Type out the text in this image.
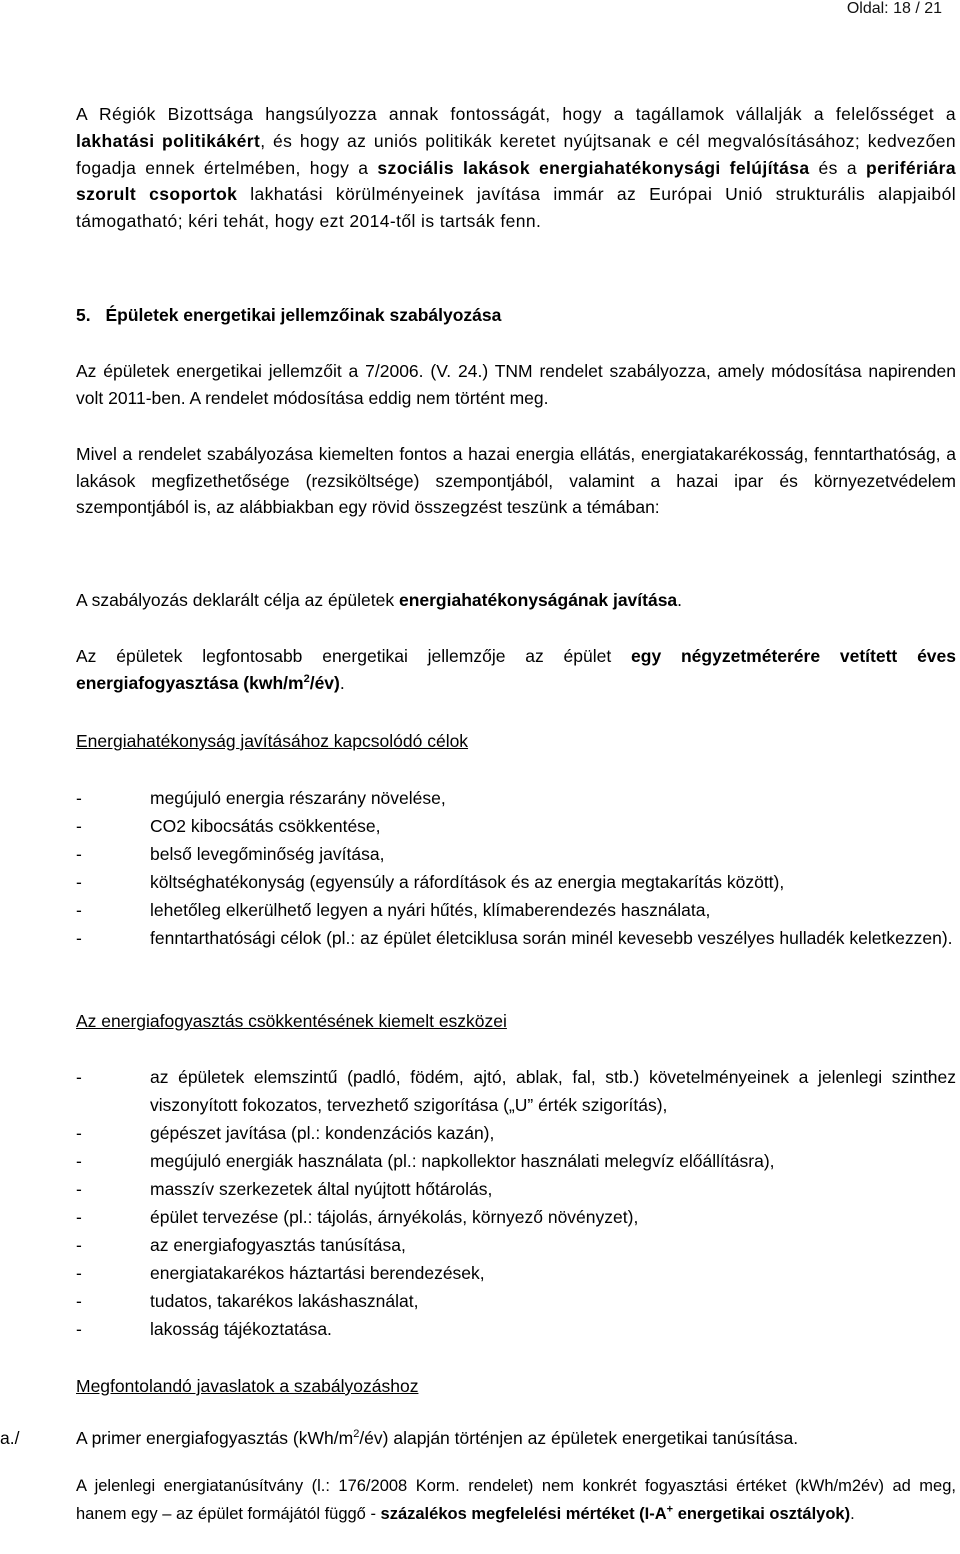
Oldal: 18 / 21

A Régiók Bizottsága hangsúlyozza annak fontosságát, hogy a tagállamok vállalják a felelősséget a lakhatási politikákért, és hogy az uniós politikák keretet nyújtsanak e cél megvalósításához; kedvezően fogadja ennek értelmében, hogy a szociális lakások energiahatékonysági felújítása és a perifériára szorult csoportok lakhatási körülményeinek javítása immár az Európai Unió strukturális alapjaiból támogatható; kéri tehát, hogy ezt 2014-től is tartsák fenn.

5. Épületek energetikai jellemzőinak szabályozása

Az épületek energetikai jellemzőit a 7/2006. (V. 24.) TNM rendelet szabályozza, amely módosítása napirenden volt 2011-ben. A rendelet módosítása eddig nem történt meg.

Mivel a rendelet szabályozása kiemelten fontos a hazai energia ellátás, energiatakarékosság, fenntarthatóság, a lakások megfizethetősége (rezsiköltsége) szempontjából, valamint a hazai ipar és környezetvédelem szempontjából is, az alábbiakban egy rövid összegzést teszünk a témában:

A szabályozás deklarált célja az épületek energiahatékonyságának javítása.

Az épületek legfontosabb energetikai jellemzője az épület egy négyzetméterére vetített éves energiafogyasztása $(kwh/m^2/év)$.

Energiahatékonyság javításához kapcsolódó célok

-	megújuló energia részarány növelése,
-	CO2 kibocsátás csökkentése,
-	belső levegőminőség javítása,
-	költséghatékonyság (egyensúly a ráfordítások és az energia megtakarítás között),
-	lehetőleg elkerülhető legyen a nyári hűtés, klímaberendezés használata,
-	fenntarthatósági célok (pl.: az épület életciklusa során minél kevesebb veszélyes hulladék keletkezzen).

Az energiafogyasztás csökkentésének kiemelt eszközei

-	az épületek elemszintű (padló, födém, ajtó, ablak, fal, stb.) követelményeinek a jelenlegi szinthez viszonyított fokozatos, tervezhető szigorítása („U” érték szigorítás),
-	gépészet javítása (pl.: kondenzációs kazán),
-	megújuló energiák használata (pl.: napkollektor használati melegvíz előállításra),
-	masszív szerkezetek által nyújtott hőtárolás,
-	épület tervezése (pl.: tájolás, árnyékolás, környező növényzet),
-	az energiafogyasztás tanúsítása,
-	energiatakarékos háztartási berendezések,
-	tudatos, takarékos lakáshasználat,
-	lakosság tájékoztatása.

Megfontolandó javaslatok a szabályozáshoz

a./	A primer energiafogyasztás $(kWh/m^2/év)$ alapján történjen az épületek energetikai tanúsítása.
A jelenlegi energiatanúsítvány (l.: 176/2008 Korm. rendelet) nem konkrét fogyasztási értéket (kWh/m2év) ad meg, hanem egy – az épület formájától függő - százalékos megfelelési mértéket (I-A+ energetikai osztályok).
